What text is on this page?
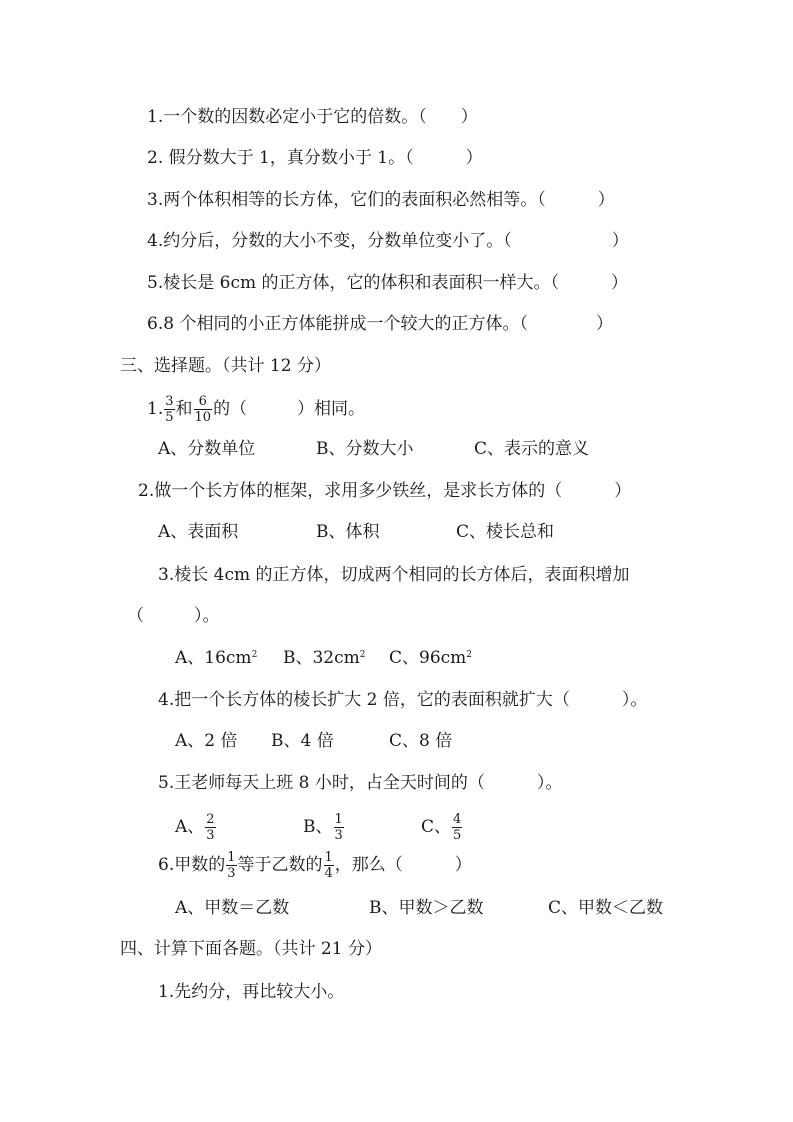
1.一个数的因数必定小于它的倍数。（ ）
2. 假分数大于 1，真分数小于 1。（	）
3.两个体积相等的长方体，它们的表面积必然相等。（	）
4.约分后，分数的大小不变，分数单位变小了。（	）
5.棱长是 6cm 的正方体，它的体积和表面积一样大。（	）
6.8 个相同的小正方体能拼成一个较大的正方体。（	）
三、选择题。（共计 12 分）
1. $\frac{3}{5}$ 和 $\frac{6}{10}$ 的（	）相同。
A、分数单位	B、分数大小	C、表示的意义
2.做一个长方体的框架，求用多少铁丝，是求长方体的（	）
A、表面积	B、体积	C、棱长总和
3.棱长 4cm 的正方体，切成两个相同的长方体后，表面积增加
（	）。
A、$16cm^2$ B、$32cm^2$ C、$96cm^2$
4.把一个长方体的棱长扩大 2 倍，它的表面积就扩大（	）。
A、2 倍 B、4 倍	C、8 倍
5.王老师每天上班 8 小时，占全天时间的（	）。
A、 $\frac{2}{3}$	B、 $\frac{1}{3}$	C、 $\frac{4}{5}$
6.甲数的 $\frac{1}{3}$ 等于乙数的 $\frac{1}{4}$ ，那么（	）
A、甲数＝乙数	B、甲数＞乙数	C、甲数＜乙数
四、计算下面各题。（共计 21 分）
1.先约分，再比较大小。
